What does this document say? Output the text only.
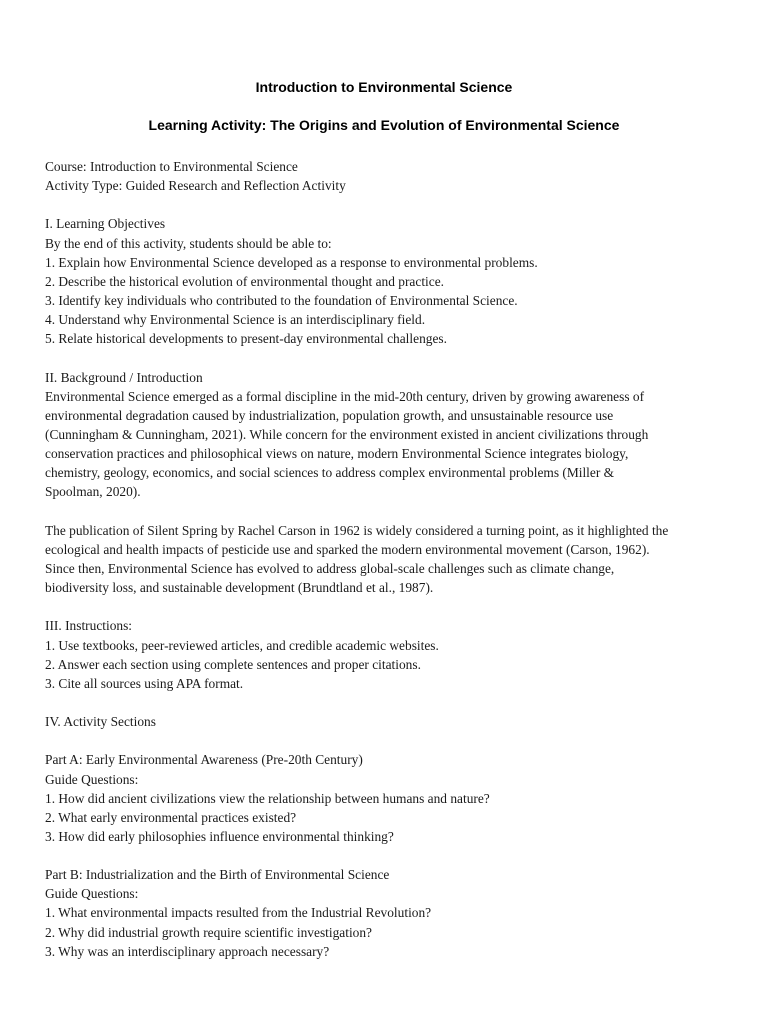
Introduction to Environmental Science
Learning Activity: The Origins and Evolution of Environmental Science
Course: Introduction to Environmental Science
Activity Type: Guided Research and Reflection Activity
I. Learning Objectives
By the end of this activity, students should be able to:
1. Explain how Environmental Science developed as a response to environmental problems.
2. Describe the historical evolution of environmental thought and practice.
3. Identify key individuals who contributed to the foundation of Environmental Science.
4. Understand why Environmental Science is an interdisciplinary field.
5. Relate historical developments to present-day environmental challenges.
II. Background / Introduction
Environmental Science emerged as a formal discipline in the mid-20th century, driven by growing awareness of
environmental degradation caused by industrialization, population growth, and unsustainable resource use
(Cunningham & Cunningham, 2021). While concern for the environment existed in ancient civilizations through
conservation practices and philosophical views on nature, modern Environmental Science integrates biology,
chemistry, geology, economics, and social sciences to address complex environmental problems (Miller &
Spoolman, 2020).
The publication of Silent Spring by Rachel Carson in 1962 is widely considered a turning point, as it highlighted the
ecological and health impacts of pesticide use and sparked the modern environmental movement (Carson, 1962).
Since then, Environmental Science has evolved to address global-scale challenges such as climate change,
biodiversity loss, and sustainable development (Brundtland et al., 1987).
III. Instructions:
1. Use textbooks, peer-reviewed articles, and credible academic websites.
2. Answer each section using complete sentences and proper citations.
3. Cite all sources using APA format.
IV. Activity Sections
Part A: Early Environmental Awareness (Pre-20th Century)
Guide Questions:
1. How did ancient civilizations view the relationship between humans and nature?
2. What early environmental practices existed?
3. How did early philosophies influence environmental thinking?
Part B: Industrialization and the Birth of Environmental Science
Guide Questions:
1. What environmental impacts resulted from the Industrial Revolution?
2. Why did industrial growth require scientific investigation?
3. Why was an interdisciplinary approach necessary?
